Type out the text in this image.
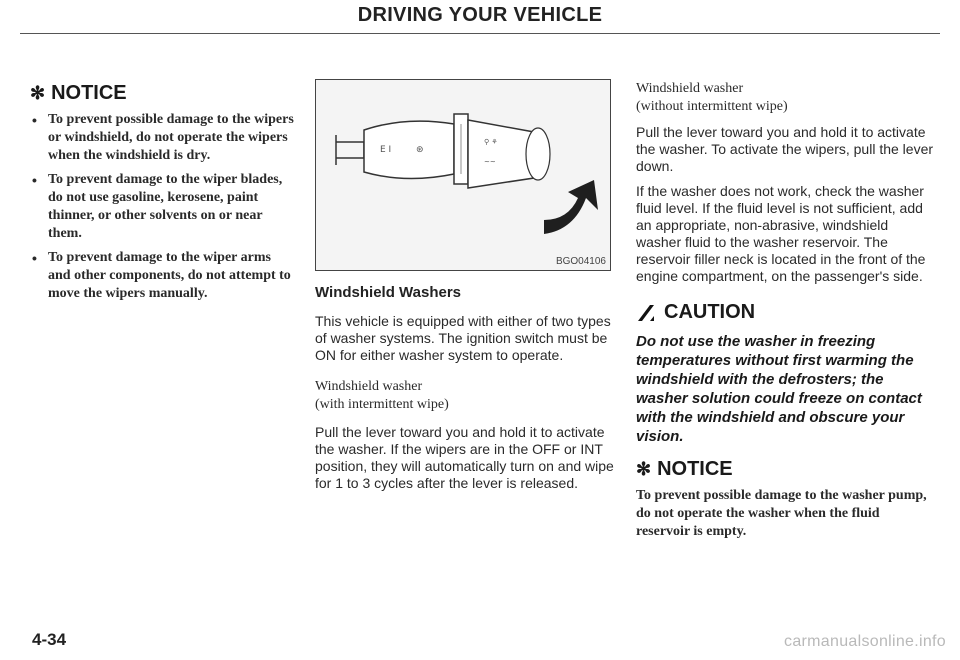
DRIVING YOUR VEHICLE
✻ NOTICE
• To prevent possible damage to the wipers or windshield, do not operate the wipers when the windshield is dry.
• To prevent damage to the wiper blades, do not use gasoline, kerosene, paint thinner, or other solvents on or near them.
• To prevent damage to the wiper arms and other components, do not attempt to move the wipers manually.
E I	⊛
⚲ ⚘
~~
BGO04106
Windshield Washers

This vehicle is equipped with either of two types of washer systems. The ignition switch must be ON for either washer system to operate.

Windshield washer

(with intermittent wipe)

Pull the lever toward you and hold it to activate the washer. If the wipers are in the OFF or INT position, they will automatically turn on and wipe for 1 to 3 cycles after the lever is released.

Windshield washer

(without intermittent wipe)

Pull the lever toward you and hold it to activate the washer. To activate the wipers, pull the lever down.

If the washer does not work, check the washer fluid level. If the fluid level is not sufficient, add an appropriate, non-abrasive, windshield washer fluid to the washer reservoir. The reservoir filler neck is located in the front of the engine compartment, on the passenger's side.

CAUTION

Do not use the washer in freezing temperatures without first warming the windshield with the defrosters; the washer solution could freeze on contact with the windshield and obscure your vision.

✻ NOTICE

To prevent possible damage to the washer pump, do not operate the washer when the fluid reservoir is empty.

4-34	carmanualsonline.info
